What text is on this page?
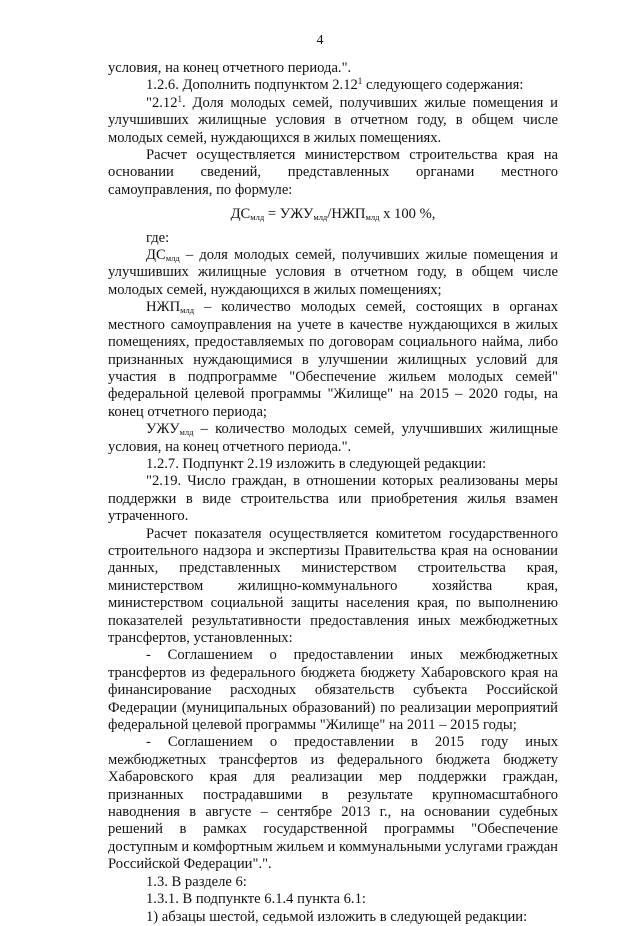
4

условия, на конец отчетного периода.".

1.2.6. Дополнить подпунктом 2.12$^1$ следующего содержания:

"2.12$^1$. Доля молодых семей, получивших жилые помещения и улучшивших жилищные условия в отчетном году, в общем числе молодых семей, нуждающихся в жилых помещениях.

Расчет осуществляется министерством строительства края на основании сведений, представленных органами местного самоуправления, по формуле:

$ДС_{млд} = УЖУ_{млд}/НЖП_{млд}$ х 100 %,

где:

$ДС_{млд}$ – доля молодых семей, получивших жилые помещения и улучшивших жилищные условия в отчетном году, в общем числе молодых семей, нуждающихся в жилых помещениях;

$НЖП_{млд}$ – количество молодых семей, состоящих в органах местного самоуправления на учете в качестве нуждающихся в жилых помещениях, предоставляемых по договорам социального найма, либо признанных нуждающимися в улучшении жилищных условий для участия в подпрограмме "Обеспечение жильем молодых семей" федеральной целевой программы "Жилище" на 2015 – 2020 годы, на конец отчетного периода;

$УЖУ_{млд}$ – количество молодых семей, улучшивших жилищные условия, на конец отчетного периода.".

1.2.7. Подпункт 2.19 изложить в следующей редакции:

"2.19. Число граждан, в отношении которых реализованы меры поддержки в виде строительства или приобретения жилья взамен утраченного.

Расчет показателя осуществляется комитетом государственного строительного надзора и экспертизы Правительства края на основании данных, представленных министерством строительства края, министерством жилищно-коммунального хозяйства края, министерством социальной защиты населения края, по выполнению показателей результативности предоставления иных межбюджетных трансфертов, установленных:

- Соглашением о предоставлении иных межбюджетных трансфертов из федерального бюджета бюджету Хабаровского края на финансирование расходных обязательств субъекта Российской Федерации (муниципальных образований) по реализации мероприятий федеральной целевой программы "Жилище" на 2011 – 2015 годы;

- Соглашением о предоставлении в 2015 году иных межбюджетных трансфертов из федерального бюджета бюджету Хабаровского края для реализации мер поддержки граждан, признанных пострадавшими в результате крупномасштабного наводнения в августе – сентябре 2013 г., на основании судебных решений в рамках государственной программы "Обеспечение доступным и комфортным жильем и коммунальными услугами граждан Российской Федерации".".

1.3. В разделе 6:

1.3.1. В подпункте 6.1.4 пункта 6.1:

1) абзацы шестой, седьмой изложить в следующей редакции:
